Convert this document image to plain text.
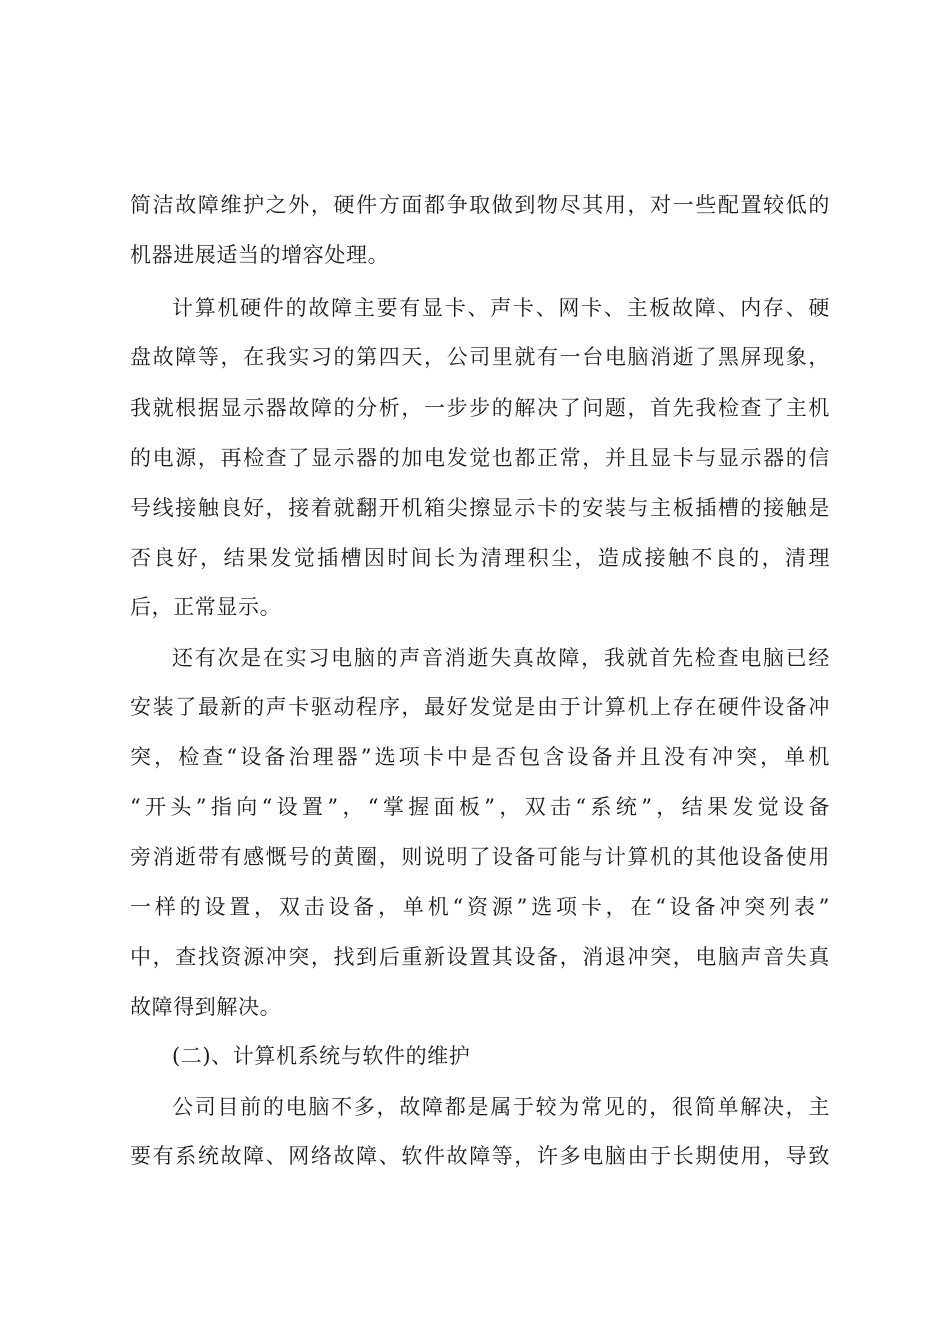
简洁故障维护之外，硬件方面都争取做到物尽其用，对一些配置较低的
机器进展适当的增容处理。
计算机硬件的故障主要有显卡、声卡、网卡、主板故障、内存、硬
盘故障等，在我实习的第四天，公司里就有一台电脑消逝了黑屏现象，
我就根据显示器故障的分析，一步步的解决了问题，首先我检查了主机
的电源，再检查了显示器的加电发觉也都正常，并且显卡与显示器的信
号线接触良好，接着就翻开机箱尖擦显示卡的安装与主板插槽的接触是
否良好，结果发觉插槽因时间长为清理积尘，造成接触不良的，清理
后，正常显示。
还有次是在实习电脑的声音消逝失真故障，我就首先检查电脑已经
安装了最新的声卡驱动程序，最好发觉是由于计算机上存在硬件设备冲
突，检查“设备治理器”选项卡中是否包含设备并且没有冲突，单机
“开头”指向“设置”，“掌握面板”，双击“系统”，结果发觉设备
旁消逝带有感慨号的黄圈，则说明了设备可能与计算机的其他设备使用
一样的设置，双击设备，单机“资源”选项卡，在“设备冲突列表”
中，查找资源冲突，找到后重新设置其设备，消退冲突，电脑声音失真
故障得到解决。
(二)、计算机系统与软件的维护
公司目前的电脑不多，故障都是属于较为常见的，很简单解决，主
要有系统故障、网络故障、软件故障等，许多电脑由于长期使用，导致
